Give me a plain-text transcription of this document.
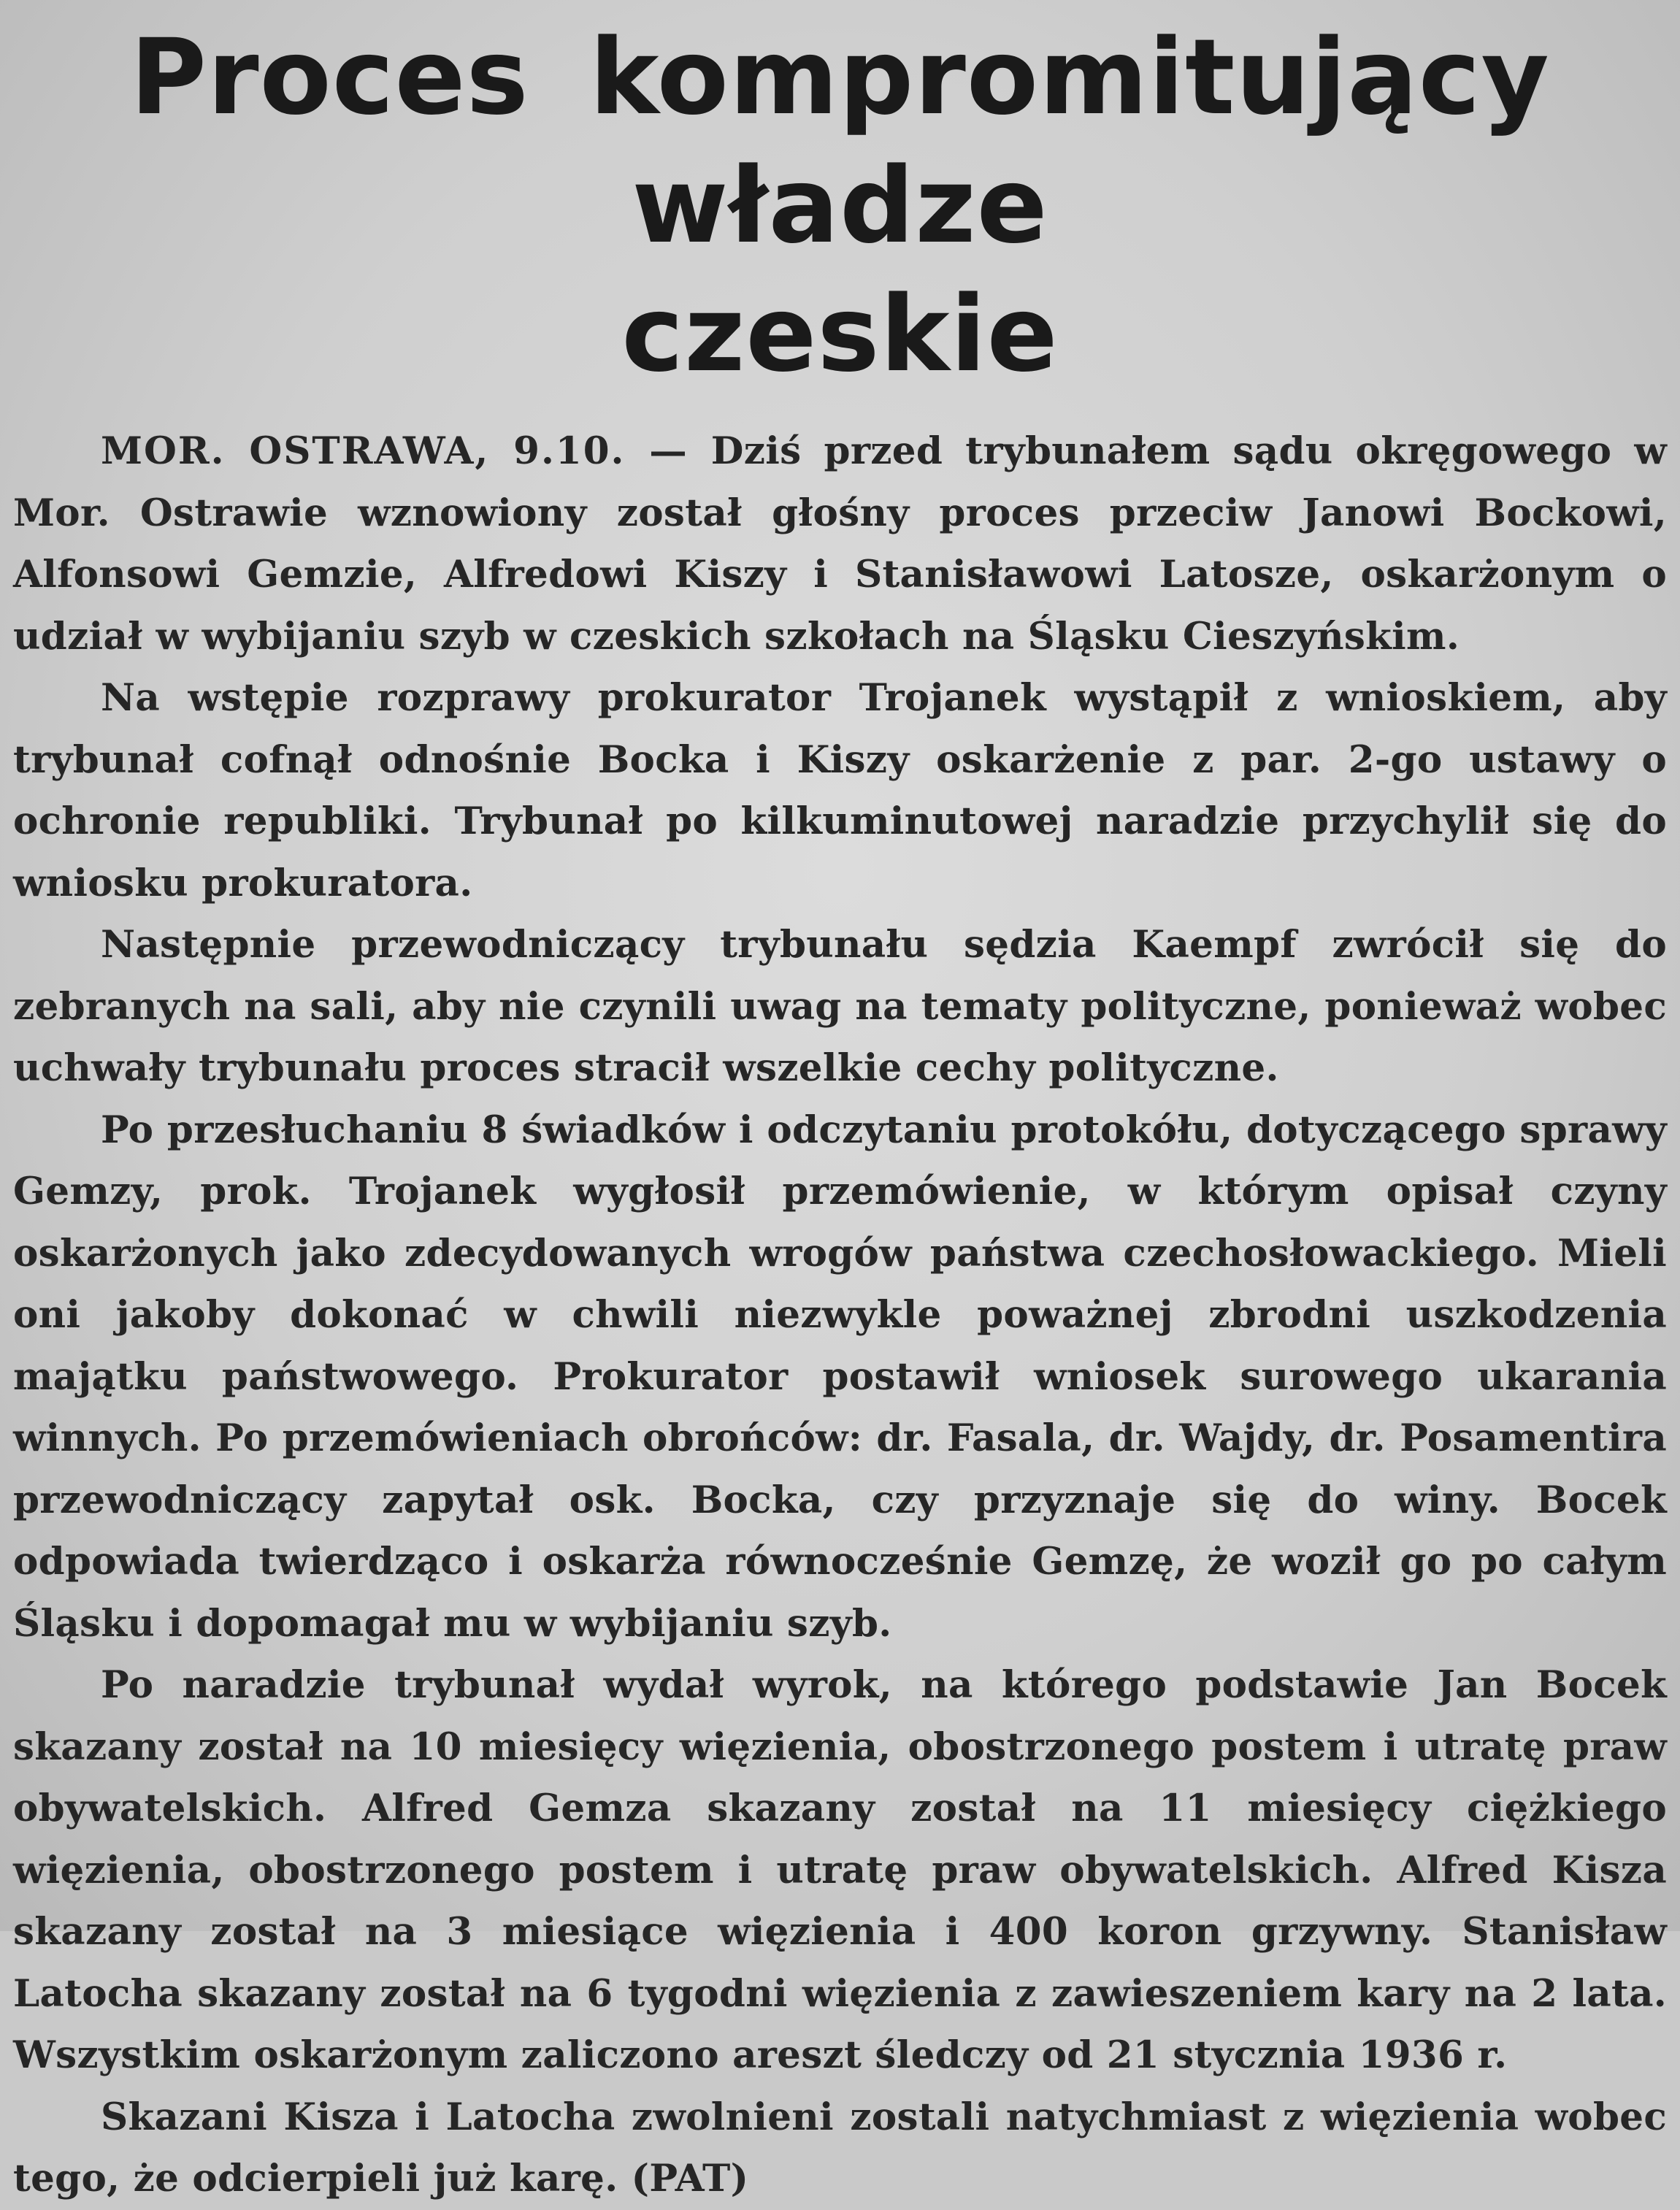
Proces kompromitujący władze
czeskie

MOR. OSTRAWA, 9.10. — Dziś przed trybunałem sądu okręgowego w Mor. Ostrawie wznowiony został głośny proces przeciw Janowi Bockowi, Alfonsowi Gemzie, Alfredowi Kiszy i Stanisławowi Latosze, oskarżonym o udział w wybijaniu szyb w czeskich szkołach na Śląsku Cieszyńskim.

Na wstępie rozprawy prokurator Trojanek wystąpił z wnioskiem, aby trybunał cofnął odnośnie Bocka i Kiszy oskarżenie z par. 2-go ustawy o ochronie republiki. Trybunał po kilkuminutowej naradzie przychylił się do wniosku prokuratora.

Następnie przewodniczący trybunału sędzia Kaempf zwrócił się do zebranych na sali, aby nie czynili uwag na tematy polityczne, ponieważ wobec uchwały trybunału proces stracił wszelkie cechy polityczne.

Po przesłuchaniu 8 świadków i odczytaniu protokółu, dotyczącego sprawy Gemzy, prok. Trojanek wygłosił przemówienie, w którym opisał czyny oskarżonych jako zdecydowanych wrogów państwa czechosłowackiego. Mieli oni jakoby dokonać w chwili niezwykle poważnej zbrodni uszkodzenia majątku państwowego. Prokurator postawił wniosek surowego ukarania winnych. Po przemówieniach obrońców: dr. Fasala, dr. Wajdy, dr. Posamentira przewodniczący zapytał osk. Bocka, czy przyznaje się do winy. Bocek odpowiada twierdząco i oskarża równocześnie Gemzę, że woził go po całym Śląsku i dopomagał mu w wybijaniu szyb.

Po naradzie trybunał wydał wyrok, na którego podstawie Jan Bocek skazany został na 10 miesięcy więzienia, obostrzonego postem i utratę praw obywatelskich. Alfred Gemza skazany został na 11 miesięcy ciężkiego więzienia, obostrzonego postem i utratę praw obywatelskich. Alfred Kisza skazany został na 3 miesiące więzienia i 400 koron grzywny. Stanisław Latocha skazany został na 6 tygodni więzienia z zawieszeniem kary na 2 lata. Wszystkim oskarżonym zaliczono areszt śledczy od 21 stycznia 1936 r.

Skazani Kisza i Latocha zwolnieni zostali natychmiast z więzienia wobec tego, że odcierpieli już karę. (PAT)
